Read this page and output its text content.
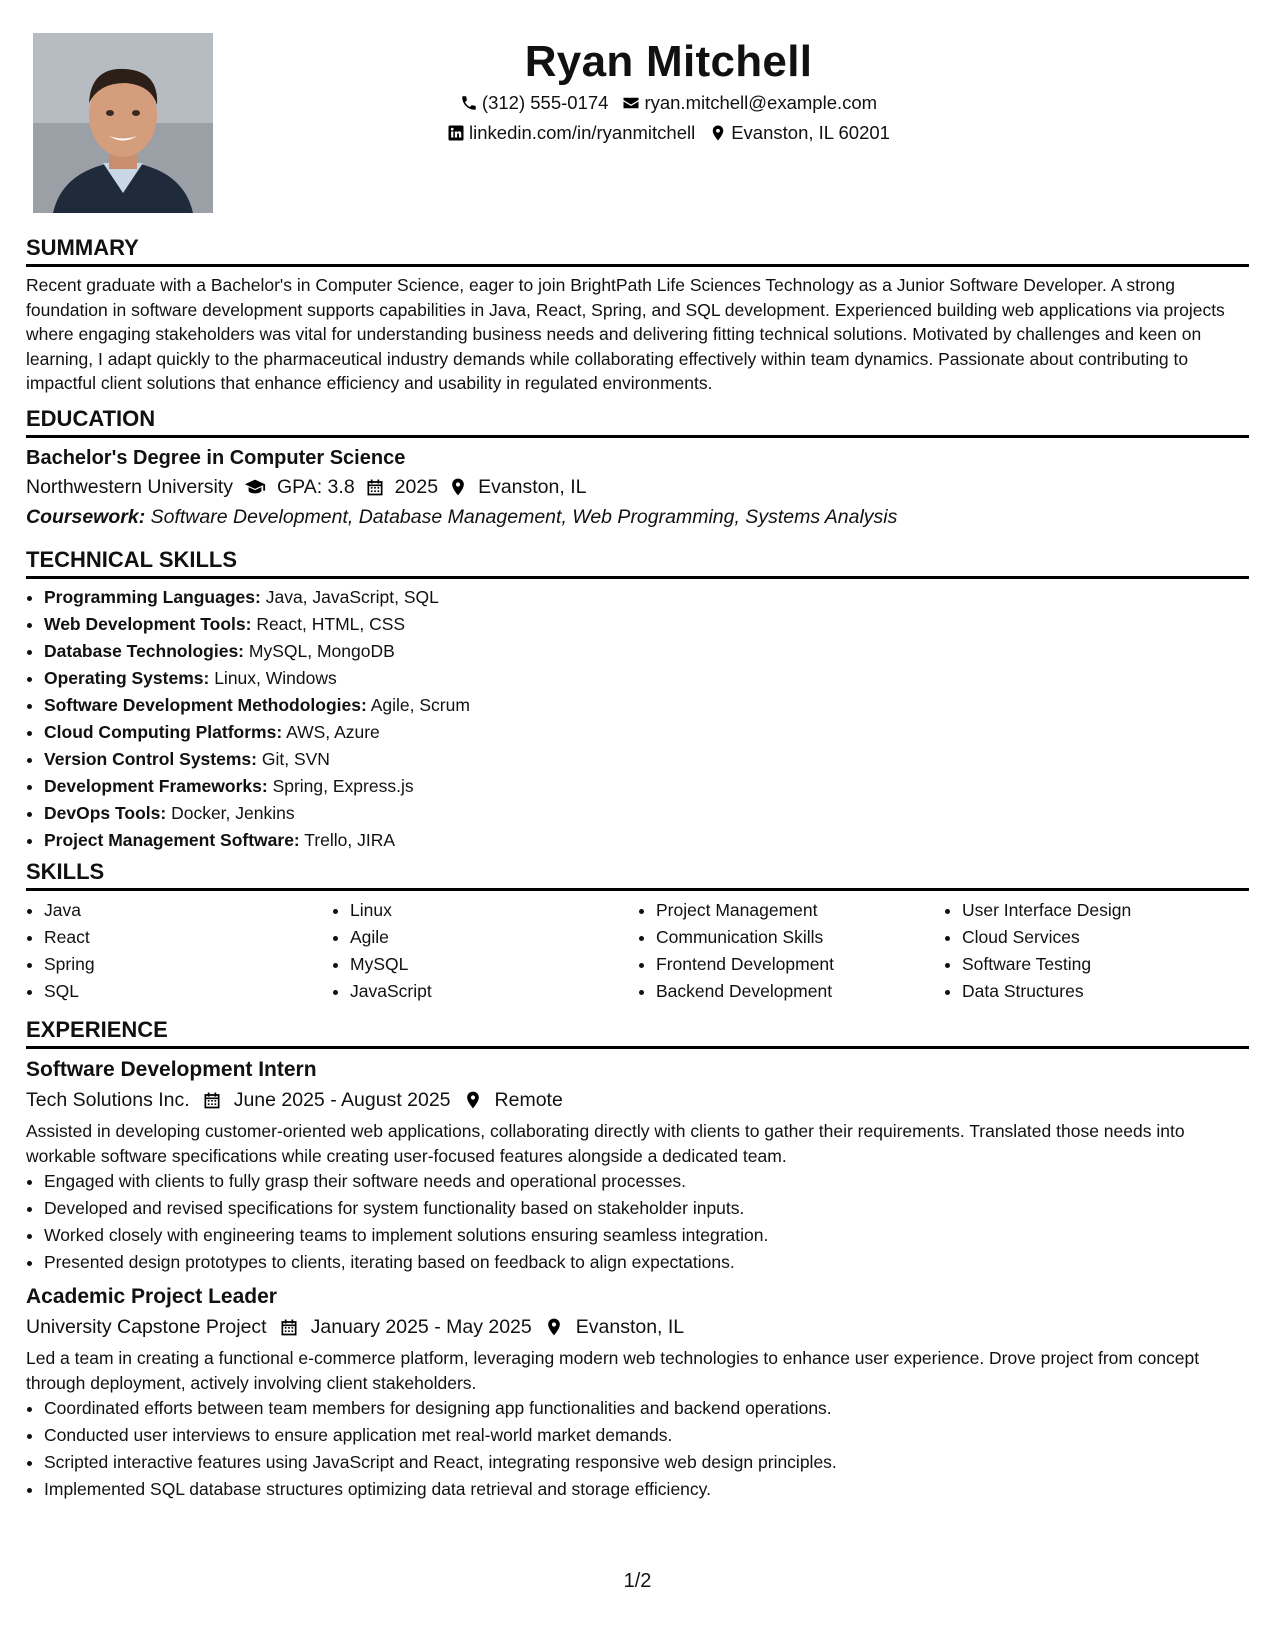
Ryan Mitchell
(312) 555-0174 ryan.mitchell@example.com
linkedin.com/in/ryanmitchell Evanston, IL 60201
SUMMARY
Recent graduate with a Bachelor's in Computer Science, eager to join BrightPath Life Sciences Technology as a Junior Software Developer. A strong foundation in software development supports capabilities in Java, React, Spring, and SQL development. Experienced building web applications via projects where engaging stakeholders was vital for understanding business needs and delivering fitting technical solutions. Motivated by challenges and keen on learning, I adapt quickly to the pharmaceutical industry demands while collaborating effectively within team dynamics. Passionate about contributing to impactful client solutions that enhance efficiency and usability in regulated environments.
EDUCATION
Bachelor's Degree in Computer Science
Northwestern University GPA: 3.8 2025 Evanston, IL
Coursework: Software Development, Database Management, Web Programming, Systems Analysis
TECHNICAL SKILLS
• Programming Languages: Java, JavaScript, SQL
• Web Development Tools: React, HTML, CSS
• Database Technologies: MySQL, MongoDB
• Operating Systems: Linux, Windows
• Software Development Methodologies: Agile, Scrum
• Cloud Computing Platforms: AWS, Azure
• Version Control Systems: Git, SVN
• Development Frameworks: Spring, Express.js
• DevOps Tools: Docker, Jenkins
• Project Management Software: Trello, JIRA
SKILLS
• Java
• React
• Spring
• SQL
• Linux
• Agile
• MySQL
• JavaScript
• Project Management
• Communication Skills
• Frontend Development
• Backend Development
• User Interface Design
• Cloud Services
• Software Testing
• Data Structures
EXPERIENCE
Software Development Intern
Tech Solutions Inc. June 2025 - August 2025 Remote
Assisted in developing customer-oriented web applications, collaborating directly with clients to gather their requirements. Translated those needs into workable software specifications while creating user-focused features alongside a dedicated team.
• Engaged with clients to fully grasp their software needs and operational processes.
• Developed and revised specifications for system functionality based on stakeholder inputs.
• Worked closely with engineering teams to implement solutions ensuring seamless integration.
• Presented design prototypes to clients, iterating based on feedback to align expectations.
Academic Project Leader
University Capstone Project January 2025 - May 2025 Evanston, IL
Led a team in creating a functional e-commerce platform, leveraging modern web technologies to enhance user experience. Drove project from concept through deployment, actively involving client stakeholders.
• Coordinated efforts between team members for designing app functionalities and backend operations.
• Conducted user interviews to ensure application met real-world market demands.
• Scripted interactive features using JavaScript and React, integrating responsive web design principles.
• Implemented SQL database structures optimizing data retrieval and storage efficiency.
1/2
